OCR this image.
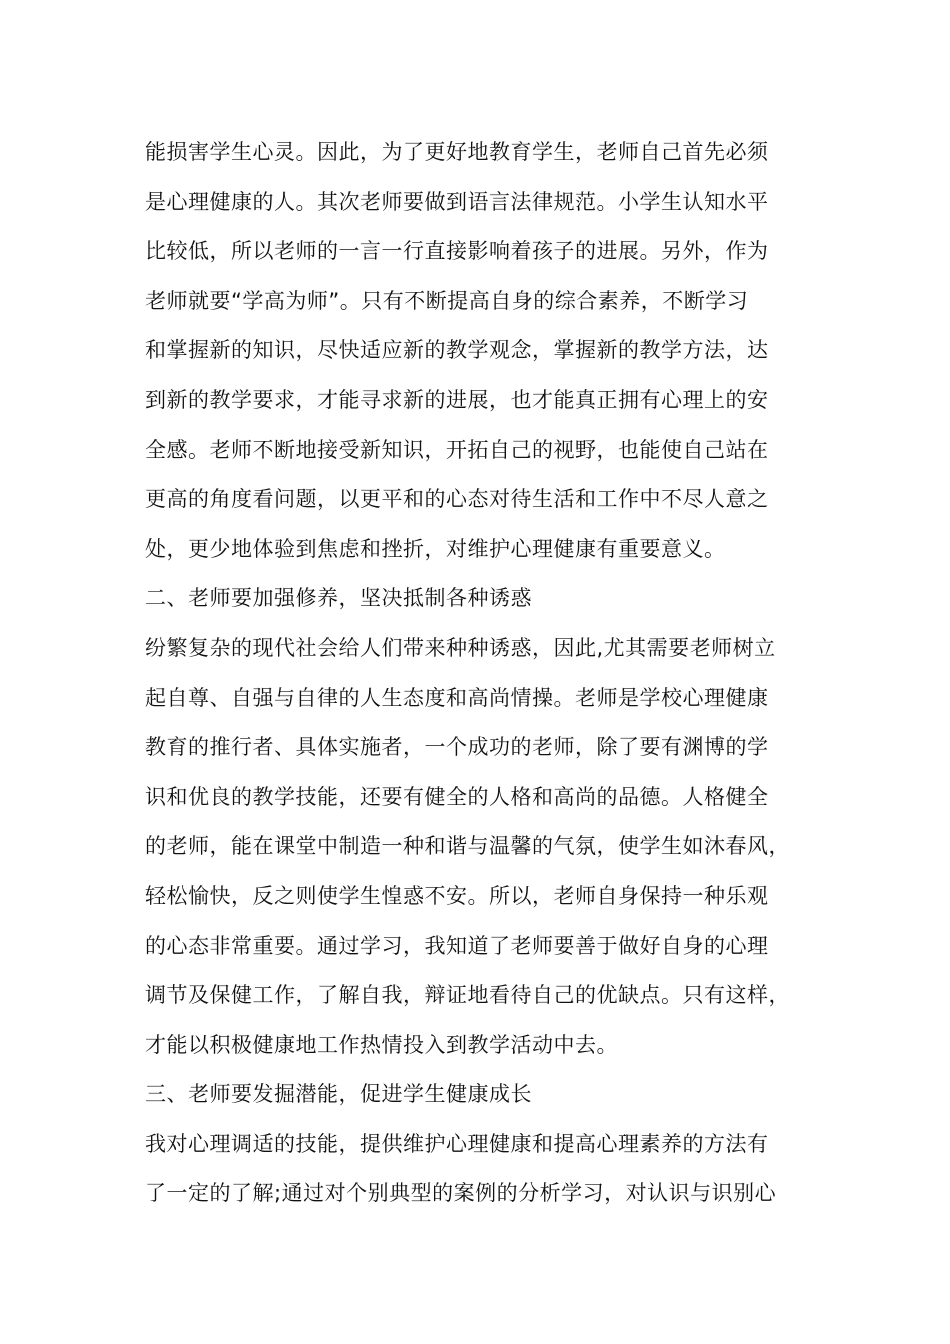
能损害学生心灵。因此，为了更好地教育学生，老师自己首先必须
是心理健康的人。其次老师要做到语言法律规范。小学生认知水平
比较低，所以老师的一言一行直接影响着孩子的进展。另外，作为
老师就要“学高为师”。只有不断提高自身的综合素养，不断学习
和掌握新的知识，尽快适应新的教学观念，掌握新的教学方法，达
到新的教学要求，才能寻求新的进展，也才能真正拥有心理上的安
全感。老师不断地接受新知识，开拓自己的视野，也能使自己站在
更高的角度看问题，以更平和的心态对待生活和工作中不尽人意之
处，更少地体验到焦虑和挫折，对维护心理健康有重要意义。
二、老师要加强修养，坚决抵制各种诱惑
纷繁复杂的现代社会给人们带来种种诱惑，因此,尤其需要老师树立
起自尊、自强与自律的人生态度和高尚情操。老师是学校心理健康
教育的推行者、具体实施者，一个成功的老师，除了要有渊博的学
识和优良的教学技能，还要有健全的人格和高尚的品德。人格健全
的老师，能在课堂中制造一种和谐与温馨的气氛，使学生如沐春风，
轻松愉快，反之则使学生惶惑不安。所以，老师自身保持一种乐观
的心态非常重要。通过学习，我知道了老师要善于做好自身的心理
调节及保健工作，了解自我，辩证地看待自己的优缺点。只有这样，
才能以积极健康地工作热情投入到教学活动中去。
三、老师要发掘潜能，促进学生健康成长
我对心理调适的技能，提供维护心理健康和提高心理素养的方法有
了一定的了解;通过对个别典型的案例的分析学习，对认识与识别心
